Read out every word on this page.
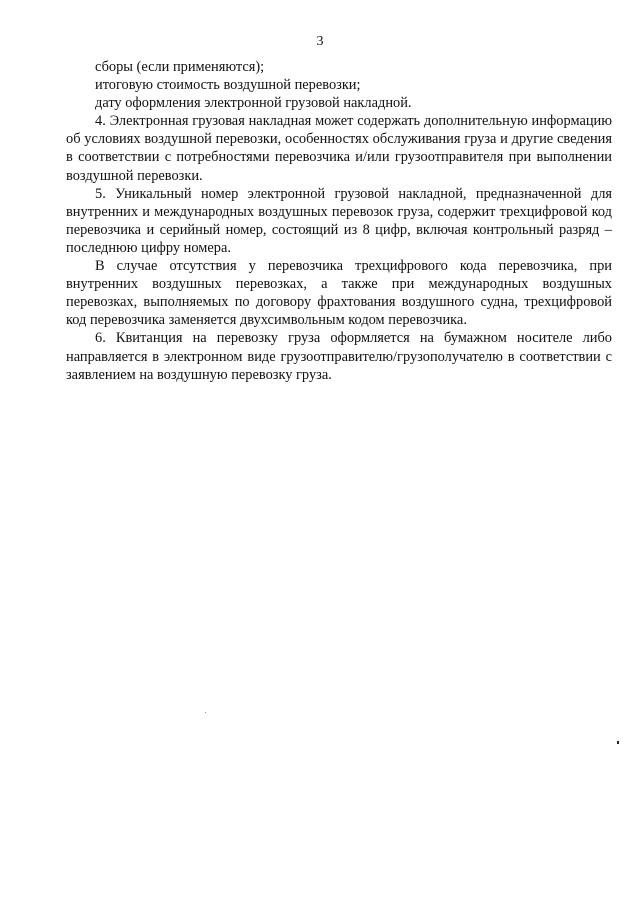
3

сборы (если применяются);

итоговую стоимость воздушной перевозки;

дату оформления электронной грузовой накладной.

4. Электронная грузовая накладная может содержать дополнительную информацию об условиях воздушной перевозки, особенностях обслуживания груза и другие сведения в соответствии с потребностями перевозчика и/или грузоотправителя при выполнении воздушной перевозки.

5. Уникальный номер электронной грузовой накладной, предназначенной для внутренних и международных воздушных перевозок груза, содержит трехцифровой код перевозчика и серийный номер, состоящий из 8 цифр, включая контрольный разряд – последнюю цифру номера.

В случае отсутствия у перевозчика трехцифрового кода перевозчика, при внутренних воздушных перевозках, а также при международных воздушных перевозках, выполняемых по договору фрахтования воздушного судна, трехцифровой код перевозчика заменяется двухсимвольным кодом перевозчика.

6. Квитанция на перевозку груза оформляется на бумажном носителе либо направляется в электронном виде грузоотправителю/грузополучателю в соответствии с заявлением на воздушную перевозку груза.
